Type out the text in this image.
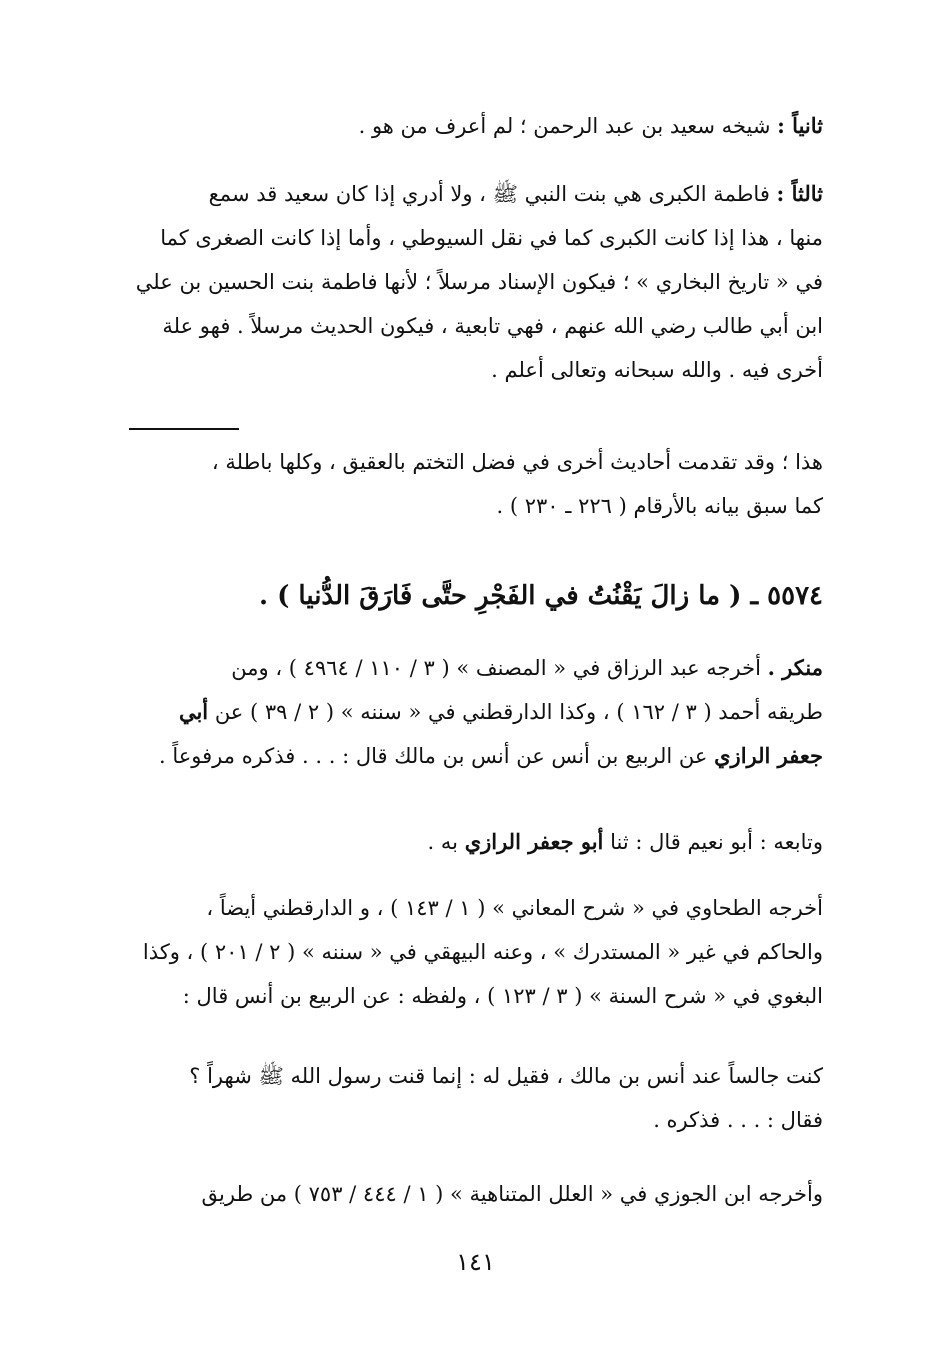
ثانياً : شيخه سعيد بن عبد الرحمن ؛ لم أعرف من هو .
ثالثاً : فاطمة الكبرى هي بنت النبي ﷺ ، ولا أدري إذا كان سعيد قد سمع
منها ، هذا إذا كانت الكبرى كما في نقل السيوطي ، وأما إذا كانت الصغرى كما
في « تاريخ البخاري » ؛ فيكون الإسناد مرسلاً ؛ لأنها فاطمة بنت الحسين بن علي
ابن أبي طالب رضي الله عنهم ، فهي تابعية ، فيكون الحديث مرسلاً . فهو علة
أخرى فيه . والله سبحانه وتعالى أعلم .
هذا ؛ وقد تقدمت أحاديث أخرى في فضل التختم بالعقيق ، وكلها باطلة ،
كما سبق بيانه بالأرقام ( ٢٢٦ ـ ٢٣٠ ) .
٥٥٧٤ ـ ( ما زالَ يَقْنُتُ في الفَجْرِ حتَّى فَارَقَ الدُّنيا ) .
منكر . أخرجه عبد الرزاق في « المصنف » ( ٣ / ١١٠ / ٤٩٦٤ ) ، ومن
طريقه أحمد ( ٣ / ١٦٢ ) ، وكذا الدارقطني في « سننه » ( ٢ / ٣٩ ) عن أبي
جعفر الرازي عن الربيع بن أنس عن أنس بن مالك قال : . . . فذكره مرفوعاً .
وتابعه : أبو نعيم قال : ثنا أبو جعفر الرازي به .
أخرجه الطحاوي في « شرح المعاني » ( ١ / ١٤٣ ) ، و الدارقطني أيضاً ،
والحاكم في غير « المستدرك » ، وعنه البيهقي في « سننه » ( ٢ / ٢٠١ ) ، وكذا
البغوي في « شرح السنة » ( ٣ / ١٢٣ ) ، ولفظه : عن الربيع بن أنس قال :
كنت جالساً عند أنس بن مالك ، فقيل له : إنما قنت رسول الله ﷺ شهراً ؟
فقال : . . . فذكره .
وأخرجه ابن الجوزي في « العلل المتناهية » ( ١ / ٤٤٤ / ٧٥٣ ) من طريق
١٤١
